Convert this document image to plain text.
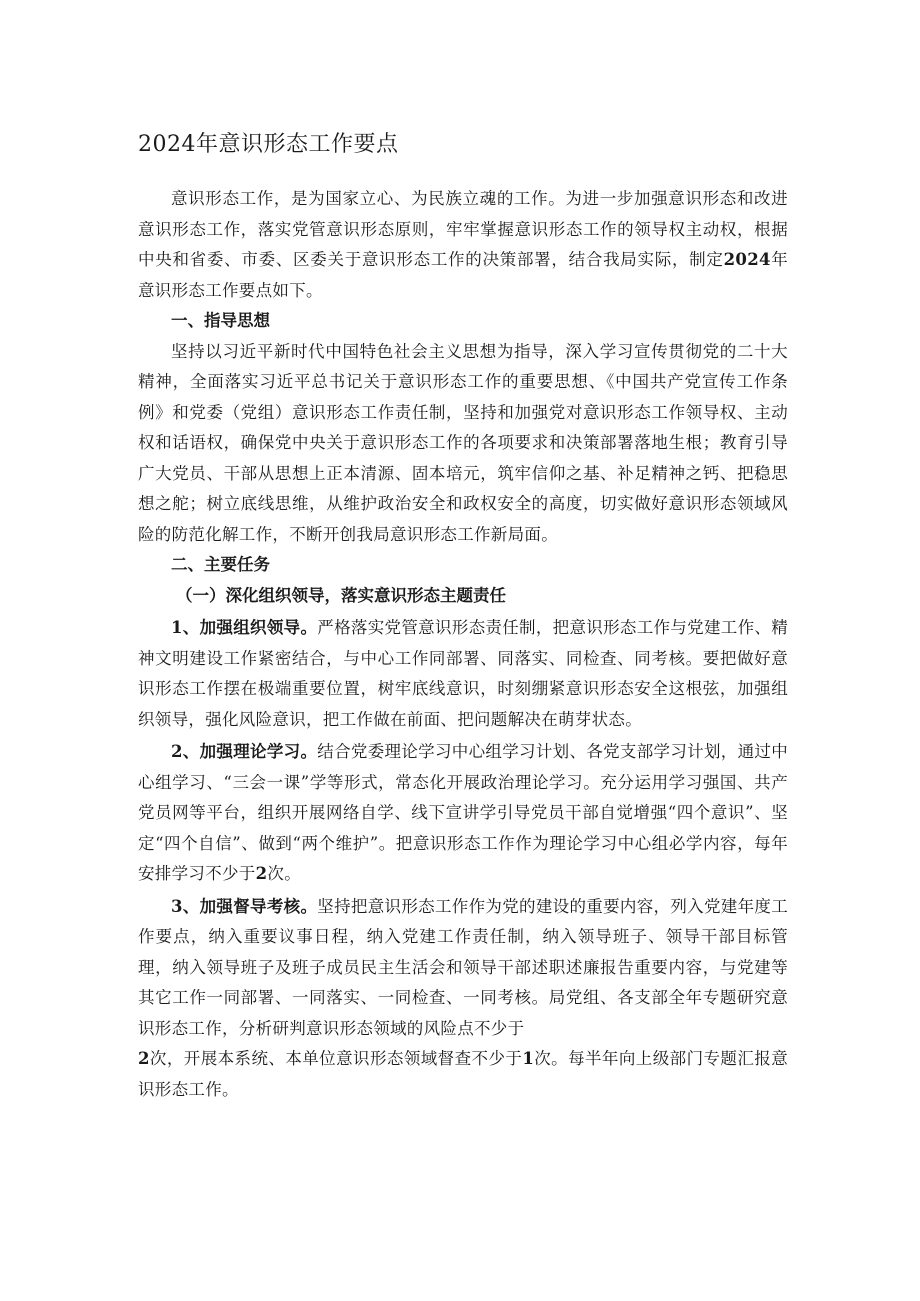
2024年意识形态工作要点

意识形态工作，是为国家立心、为民族立魂的工作。为进一步加强意识形态和改进意识形态工作，落实党管意识形态原则，牢牢掌握意识形态工作的领导权主动权，根据中央和省委、市委、区委关于意识形态工作的决策部署，结合我局实际，制定2024年意识形态工作要点如下。

一、指导思想

坚持以习近平新时代中国特色社会主义思想为指导，深入学习宣传贯彻党的二十大精神，全面落实习近平总书记关于意识形态工作的重要思想、《中国共产党宣传工作条例》和党委（党组）意识形态工作责任制，坚持和加强党对意识形态工作领导权、主动权和话语权，确保党中央关于意识形态工作的各项要求和决策部署落地生根；教育引导广大党员、干部从思想上正本清源、固本培元，筑牢信仰之基、补足精神之钙、把稳思想之舵；树立底线思维，从维护政治安全和政权安全的高度，切实做好意识形态领域风险的防范化解工作，不断开创我局意识形态工作新局面。

二、主要任务

（一）深化组织领导，落实意识形态主题责任

1、加强组织领导。严格落实党管意识形态责任制，把意识形态工作与党建工作、精神文明建设工作紧密结合，与中心工作同部署、同落实、同检查、同考核。要把做好意识形态工作摆在极端重要位置，树牢底线意识，时刻绷紧意识形态安全这根弦，加强组织领导，强化风险意识，把工作做在前面、把问题解决在萌芽状态。

2、加强理论学习。结合党委理论学习中心组学习计划、各党支部学习计划，通过中心组学习、“三会一课”学等形式，常态化开展政治理论学习。充分运用学习强国、共产党员网等平台，组织开展网络自学、线下宣讲学引导党员干部自觉增强“四个意识”、坚定“四个自信”、做到“两个维护”。把意识形态工作作为理论学习中心组必学内容，每年安排学习不少于2次。

3、加强督导考核。坚持把意识形态工作作为党的建设的重要内容，列入党建年度工作要点，纳入重要议事日程，纳入党建工作责任制，纳入领导班子、领导干部目标管理，纳入领导班子及班子成员民主生活会和领导干部述职述廉报告重要内容，与党建等其它工作一同部署、一同落实、一同检查、一同考核。局党组、各支部全年专题研究意识形态工作，分析研判意识形态领域的风险点不少于

2次，开展本系统、本单位意识形态领域督查不少于1次。每半年向上级部门专题汇报意识形态工作。
